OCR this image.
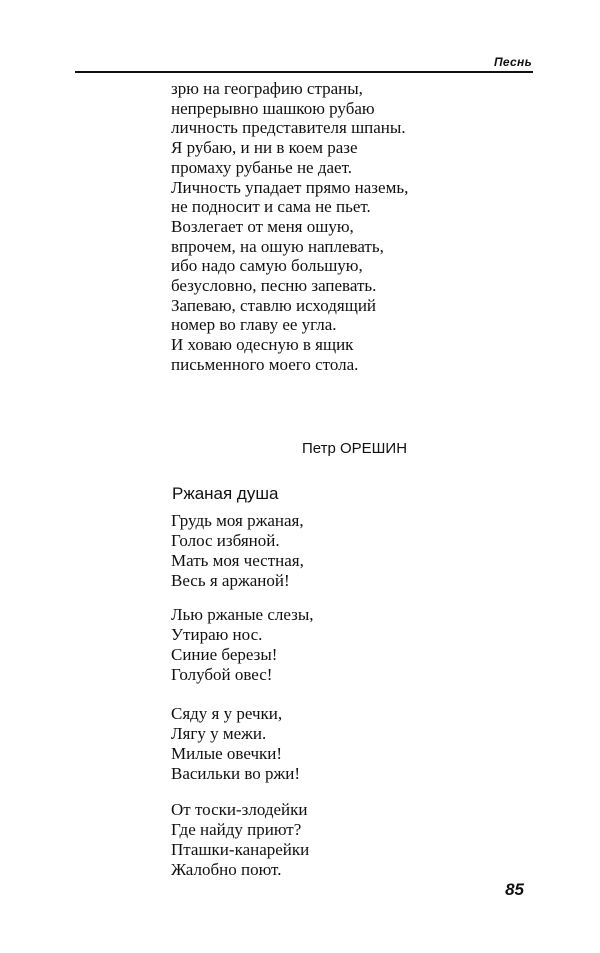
Песнь
зрю на географию страны,
непрерывно шашкою рубаю
личность представителя шпаны.
Я рубаю, и ни в коем разе
промаху рубанье не дает.
Личность упадает прямо наземь,
не подносит и сама не пьет.
Возлегает от меня ошую,
впрочем, на ошую наплевать,
ибо надо самую большую,
безусловно, песню запевать.
Запеваю, ставлю исходящий
номер во главу ее угла.
И ховаю одесную в ящик
письменного моего стола.
Петр ОРЕШИН
Ржаная душа
Грудь моя ржаная,
Голос избяной.
Мать моя честная,
Весь я аржаной!
Лью ржаные слезы,
Утираю нос.
Синие березы!
Голубой овес!
Сяду я у речки,
Лягу у межи.
Милые овечки!
Васильки во ржи!
От тоски-злодейки
Где найду приют?
Пташки-канарейки
Жалобно поют.
85
